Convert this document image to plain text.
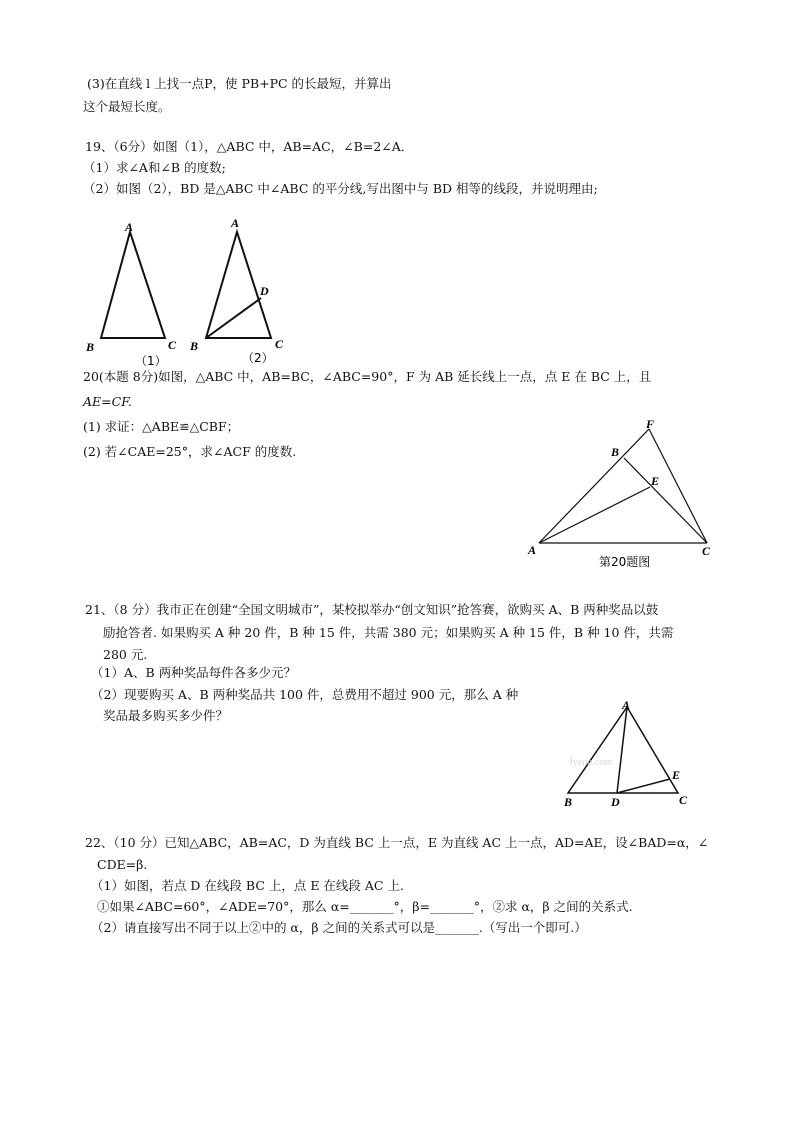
(3)在直线 l 上找一点P，使 PB+PC 的长最短，并算出
这个最短长度。
19、（6分）如图（1），△ABC 中，AB=AC，∠B=2∠A．
（1）求∠A和∠B 的度数;
（2）如图（2），BD 是△ABC 中∠ABC 的平分线,写出图中与 BD 相等的线段，并说明理由;
A
B	C
（1）
A
B	C
D
（2）
20(本题 8分)如图，△ABC 中，AB=BC，∠ABC=90°，F 为 AB 延长线上一点，点 E 在 BC 上，且
AE=CF.
(1) 求证：△ABE≌△CBF；
(2) 若∠CAE=25°，求∠ACF 的度数.
A
B
C
E
F
第20题图
21、（8 分）我市正在创建“全国文明城市”，某校拟举办“创文知识”抢答赛，欲购买 A、B 两种奖品以鼓
励抢答者. 如果购买 A 种 20 件，B 种 15 件，共需 380 元；如果购买 A 种 15 件，B 种 10 件，共需
280 元.
（1）A、B 两种奖品每件各多少元？
（2）现要购买 A、B 两种奖品共 100 件，总费用不超过 900 元，那么 A 种
奖品最多购买多少件？
Jyeoo.com
A
B	C
D
E
22、（10 分）已知△ABC，AB=AC，D 为直线 BC 上一点，E 为直线 AC 上一点，AD=AE，设∠BAD=α，∠
CDE=β.
（1）如图，若点 D 在线段 BC 上，点 E 在线段 AC 上.
①如果∠ABC=60°，∠ADE=70°，那么 α=_______°，β=_______°，②求 α，β 之间的关系式.
（2）请直接写出不同于以上②中的 α，β 之间的关系式可以是_______.（写出一个即可.）
